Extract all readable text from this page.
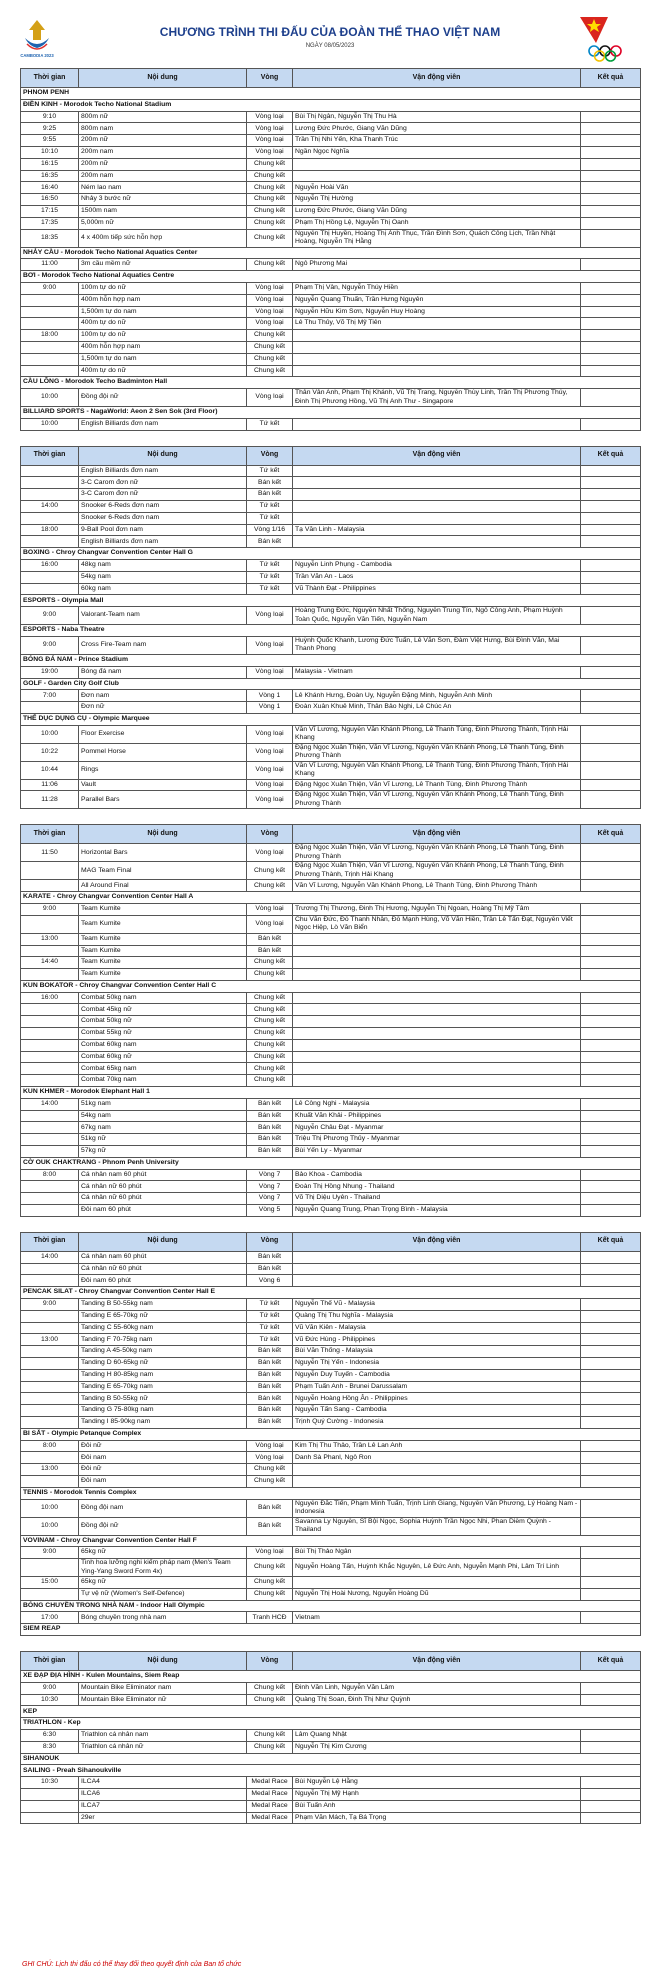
CAMBODIA 2023
CHƯƠNG TRÌNH THI ĐẤU CỦA ĐOÀN THỂ THAO VIỆT NAM
NGÀY 08/05/2023
Thời gian	Nội dung	Vòng	Vận động viên	Kết quả
PHNOM PENH				
ĐIỀN KINH - Morodok Techo National Stadium				
9:10	800m nữ	Vòng loại	Bùi Thị Ngân, Nguyễn Thị Thu Hà	
9:25	800m nam	Vòng loại	Lương Đức Phước, Giang Văn Dũng	
9:55	200m nữ	Vòng loại	Trần Thị Nhi Yến, Kha Thanh Trúc	
10:10	200m nam	Vòng loại	Ngần Ngọc Nghĩa	
16:15	200m nữ	Chung kết		
16:35	200m nam	Chung kết		
16:40	Ném lao nam	Chung kết	Nguyễn Hoài Văn	
16:50	Nhảy 3 bước nữ	Chung kết	Nguyễn Thị Hường	
17:15	1500m nam	Chung kết	Lương Đức Phước, Giang Văn Dũng	
17:35	5,000m nữ	Chung kết	Phạm Thị Hồng Lệ, Nguyễn Thị Oanh	
18:35	4 x 400m tiếp sức hỗn hợp	Chung kết	Nguyễn Thị Huyền, Hoàng Thị Ánh Thục, Trần Đình Sơn, Quách Công Lịch, Trần Nhật Hoàng, Nguyễn Thị Hằng	
NHẢY CẦU - Morodok Techo National Aquatics Center				
11:00	3m cầu mềm nữ	Chung kết	Ngô Phương Mai	
BƠI - Morodok Techo National Aquatics Centre				
9:00	100m tự do nữ	Vòng loại	Phạm Thị Vân, Nguyễn Thúy Hiền	
	400m hỗn hợp nam	Vòng loại	Nguyễn Quang Thuấn, Trần Hưng Nguyên	
	1,500m tự do nam	Vòng loại	Nguyễn Hữu Kim Sơn, Nguyễn Huy Hoàng	
	400m tự do nữ	Vòng loại	Lê Thu Thủy, Võ Thị Mỹ Tiên	
18:00	100m tự do nữ	Chung kết		
	400m hỗn hợp nam	Chung kết		
	1,500m tự do nam	Chung kết		
	400m tự do nữ	Chung kết		
CẦU LÔNG - Morodok Techo Badminton Hall				
10:00	Đồng đội nữ	Vòng loại	Thân Vân Anh, Phạm Thị Khánh, Vũ Thị Trang, Nguyễn Thùy Linh, Trần Thị Phương Thúy, Đinh Thị Phương Hồng, Vũ Thị Anh Thư - Singapore	
BILLIARD SPORTS - NagaWorld: Aeon 2 Sen Sok (3rd Floor)				
10:00	English Billiards đơn nam	Tứ kết		
Thời gian	Nội dung	Vòng	Vận động viên	Kết quả
	English Billiards đơn nam	Tứ kết		
	3-C Carom đơn nữ	Bán kết		
	3-C Carom đơn nữ	Bán kết		
14:00	Snooker 6-Reds đơn nam	Tứ kết		
	Snooker 6-Reds đơn nam	Tứ kết		
18:00	9-Ball Pool đơn nam	Vòng 1/16	Tạ Văn Linh - Malaysia	
	English Billiards đơn nam	Bán kết		
BOXING - Chroy Changvar Convention Center Hall G				
16:00	48kg nam	Tứ kết	Nguyễn Linh Phụng - Cambodia	
	54kg nam	Tứ kết	Trần Văn An - Laos	
	60kg nam	Tứ kết	Vũ Thành Đạt - Philippines	
ESPORTS - Olympia Mall				
9:00	Valorant-Team nam	Vòng loại	Hoàng Trung Đức, Nguyễn Nhất Thống, Nguyễn Trung Tín, Ngô Công Anh, Phạm Huỳnh Toàn Quốc, Nguyễn Văn Tiến, Nguyễn Nam	
ESPORTS - Naba Theatre				
9:00	Cross Fire-Team nam	Vòng loại	Huỳnh Quốc Khanh, Lương Đức Tuấn, Lê Văn Sơn, Đàm Việt Hưng, Bùi Đình Văn, Mai Thanh Phong	
BÓNG ĐÁ NAM - Prince Stadium				
19:00	Bóng đá nam	Vòng loại	Malaysia - Vietnam	
GOLF - Garden City Golf Club				
7:00	Đơn nam	Vòng 1	Lê Khánh Hưng, Đoàn Uy, Nguyễn Đặng Minh, Nguyễn Anh Minh	
	Đơn nữ	Vòng 1	Đoàn Xuân Khuê Minh, Thân Bảo Nghi, Lê Chúc An	
THỂ DỤC DỤNG CỤ - Olympic Marquee				
10:00	Floor Exercise	Vòng loại	Văn Vĩ Lương, Nguyễn Văn Khánh Phong, Lê Thanh Tùng, Đinh Phương Thành, Trịnh Hải Khang	
10:22	Pommel Horse	Vòng loại	Đặng Ngọc Xuân Thiện, Văn Vĩ Lương, Nguyễn Văn Khánh Phong, Lê Thanh Tùng, Đinh Phương Thành	
10:44	Rings	Vòng loại	Văn Vĩ Lương, Nguyễn Văn Khánh Phong, Lê Thanh Tùng, Đinh Phương Thành, Trịnh Hải Khang	
11:06	Vault	Vòng loại	Đặng Ngọc Xuân Thiện, Văn Vĩ Lương, Lê Thanh Tùng, Đinh Phương Thành	
11:28	Parallel Bars	Vòng loại	Đặng Ngọc Xuân Thiện, Văn Vĩ Lương, Nguyễn Văn Khánh Phong, Lê Thanh Tùng, Đinh Phương Thành	
Thời gian	Nội dung	Vòng	Vận động viên	Kết quả
11:50	Horizontal Bars	Vòng loại	Đặng Ngọc Xuân Thiện, Văn Vĩ Lương, Nguyễn Văn Khánh Phong, Lê Thanh Tùng, Đinh Phương Thành	
	MAG Team Final	Chung kết	Đặng Ngọc Xuân Thiện, Văn Vĩ Lương, Nguyễn Văn Khánh Phong, Lê Thanh Tùng, Đinh Phương Thành, Trịnh Hải Khang	
	All Around Final	Chung kết	Văn Vĩ Lương, Nguyễn Văn Khánh Phong, Lê Thanh Tùng, Đinh Phương Thành	
KARATE - Chroy Changvar Convention Center Hall A				
9:00	Team Kumite	Vòng loại	Trương Thị Thương, Đinh Thị Hương, Nguyễn Thị Ngoan, Hoàng Thị Mỹ Tâm	
	Team Kumite	Vòng loại	Chu Văn Đức, Đỗ Thanh Nhân, Đỗ Mạnh Hùng, Võ Văn Hiền, Trần Lê Tấn Đạt, Nguyễn Viết Ngọc Hiệp, Lò Văn Biển	
13:00	Team Kumite	Bán kết		
	Team Kumite	Bán kết		
14:40	Team Kumite	Chung kết		
	Team Kumite	Chung kết		
KUN BOKATOR - Chroy Changvar Convention Center Hall C				
16:00	Combat 50kg nam	Chung kết		
	Combat 45kg nữ	Chung kết		
	Combat 50kg nữ	Chung kết		
	Combat 55kg nữ	Chung kết		
	Combat 60kg nam	Chung kết		
	Combat 60kg nữ	Chung kết		
	Combat 65kg nam	Chung kết		
	Combat 70kg nam	Chung kết		
KUN KHMER - Morodok Elephant Hall 1				
14:00	51kg nam	Bán kết	Lê Công Nghi - Malaysia	
	54kg nam	Bán kết	Khuất Văn Khải - Philippines	
	67kg nam	Bán kết	Nguyễn Châu Đạt - Myanmar	
	51kg nữ	Bán kết	Triệu Thị Phương Thủy - Myanmar	
	57kg nữ	Bán kết	Bùi Yến Ly - Myanmar	
CỜ OUK CHAKTRANG - Phnom Penh University				
8:00	Cá nhân nam 60 phút	Vòng 7	Bảo Khoa - Cambodia	
	Cá nhân nữ 60 phút	Vòng 7	Đoàn Thị Hồng Nhung - Thailand	
	Cá nhân nữ 60 phút	Vòng 7	Võ Thị Diệu Uyên - Thailand	
	Đôi nam 60 phút	Vòng 5	Nguyễn Quang Trung, Phan Trọng Bình - Malaysia	
Thời gian	Nội dung	Vòng	Vận động viên	Kết quả
14:00	Cá nhân nam 60 phút	Bán kết		
	Cá nhân nữ 60 phút	Bán kết		
	Đôi nam 60 phút	Vòng 6		
PENCAK SILAT - Chroy Changvar Convention Center Hall E				
9:00	Tanding B 50-55kg nam	Tứ kết	Nguyễn Thế Vũ - Malaysia	
	Tanding E 65-70kg nữ	Tứ kết	Quàng Thị Thu Nghĩa - Malaysia	
	Tanding C 55-60kg nam	Tứ kết	Vũ Văn Kiên - Malaysia	
13:00	Tanding F 70-75kg nam	Tứ kết	Vũ Đức Hùng - Philippines	
	Tanding A 45-50kg nam	Bán kết	Bùi Văn Thống - Malaysia	
	Tanding D 60-65kg nữ	Bán kết	Nguyễn Thị Yến - Indonesia	
	Tanding H 80-85kg nam	Bán kết	Nguyễn Duy Tuyến - Cambodia	
	Tanding E 65-70kg nam	Bán kết	Phạm Tuấn Anh - Brunei Darussalam	
	Tanding B 50-55kg nữ	Bán kết	Nguyễn Hoàng Hồng Ân - Philippines	
	Tanding G 75-80kg nam	Bán kết	Nguyễn Tấn Sang - Cambodia	
	Tanding I 85-90kg nam	Bán kết	Trịnh Quý Cường - Indonesia	
BI SẮT - Olympic Petanque Complex				
8:00	Đôi nữ	Vòng loại	Kim Thị Thu Thảo, Trần Lê Lan Anh	
	Đôi nam	Vòng loại	Danh Sà Phanl, Ngô Ron	
13:00	Đôi nữ	Chung kết		
	Đôi nam	Chung kết		
TENNIS - Morodok Tennis Complex				
10:00	Đồng đội nam	Bán kết	Nguyễn Đắc Tiến, Phạm Minh Tuấn, Trịnh Linh Giang, Nguyễn Văn Phương, Lý Hoàng Nam - Indonesia	
10:00	Đồng đội nữ	Bán kết	Savanna Ly Nguyễn, Sĩ Bội Ngọc, Sophia Huỳnh Trần Ngọc Nhi, Phan Diễm Quỳnh - Thailand	
VOVINAM - Chroy Changvar Convention Center Hall F				
9:00	65kg nữ	Vòng loại	Bùi Thị Thảo Ngân	
	Tinh hoa lưỡng nghi kiếm pháp nam (Men's Team Ying-Yang Sword Form 4x)	Chung kết	Nguyễn Hoàng Tấn, Huỳnh Khắc Nguyên, Lê Đức Anh, Nguyễn Mạnh Phi, Lâm Trí Linh	
15:00	65kg nữ	Chung kết		
	Tự vệ nữ (Women's Self-Defence)	Chung kết	Nguyễn Thị Hoài Nương, Nguyễn Hoàng Dũ	
BÓNG CHUYỀN TRONG NHÀ NAM - Indoor Hall Olympic				
17:00	Bóng chuyền trong nhà nam	Tranh HCĐ	Vietnam	
SIEM REAP				
Thời gian	Nội dung	Vòng	Vận động viên	Kết quả
XE ĐẠP ĐỊA HÌNH - Kulen Mountains, Siem Reap				
9:00	Mountain Bike Eliminator nam	Chung kết	Đinh Văn Linh, Nguyễn Văn Lâm	
10:30	Mountain Bike Eliminator nữ	Chung kết	Quàng Thị Soan, Đinh Thị Như Quỳnh	
KEP				
TRIATHLON - Kep				
6:30	Triathlon cá nhân nam	Chung kết	Lâm Quang Nhật	
8:30	Triathlon cá nhân nữ	Chung kết	Nguyễn Thị Kim Cương	
SIHANOUK				
SAILING - Preah Sihanoukville				
10:30	ILCA4	Medal Race	Bùi Nguyễn Lệ Hằng	
	ILCA6	Medal Race	Nguyễn Thị Mỹ Hạnh	
	ILCA7	Medal Race	Bùi Tuấn Anh	
	29er	Medal Race	Phạm Văn Mách, Tạ Bá Trọng	
GHI CHÚ: Lịch thi đấu có thể thay đổi theo quyết định của Ban tổ chức
